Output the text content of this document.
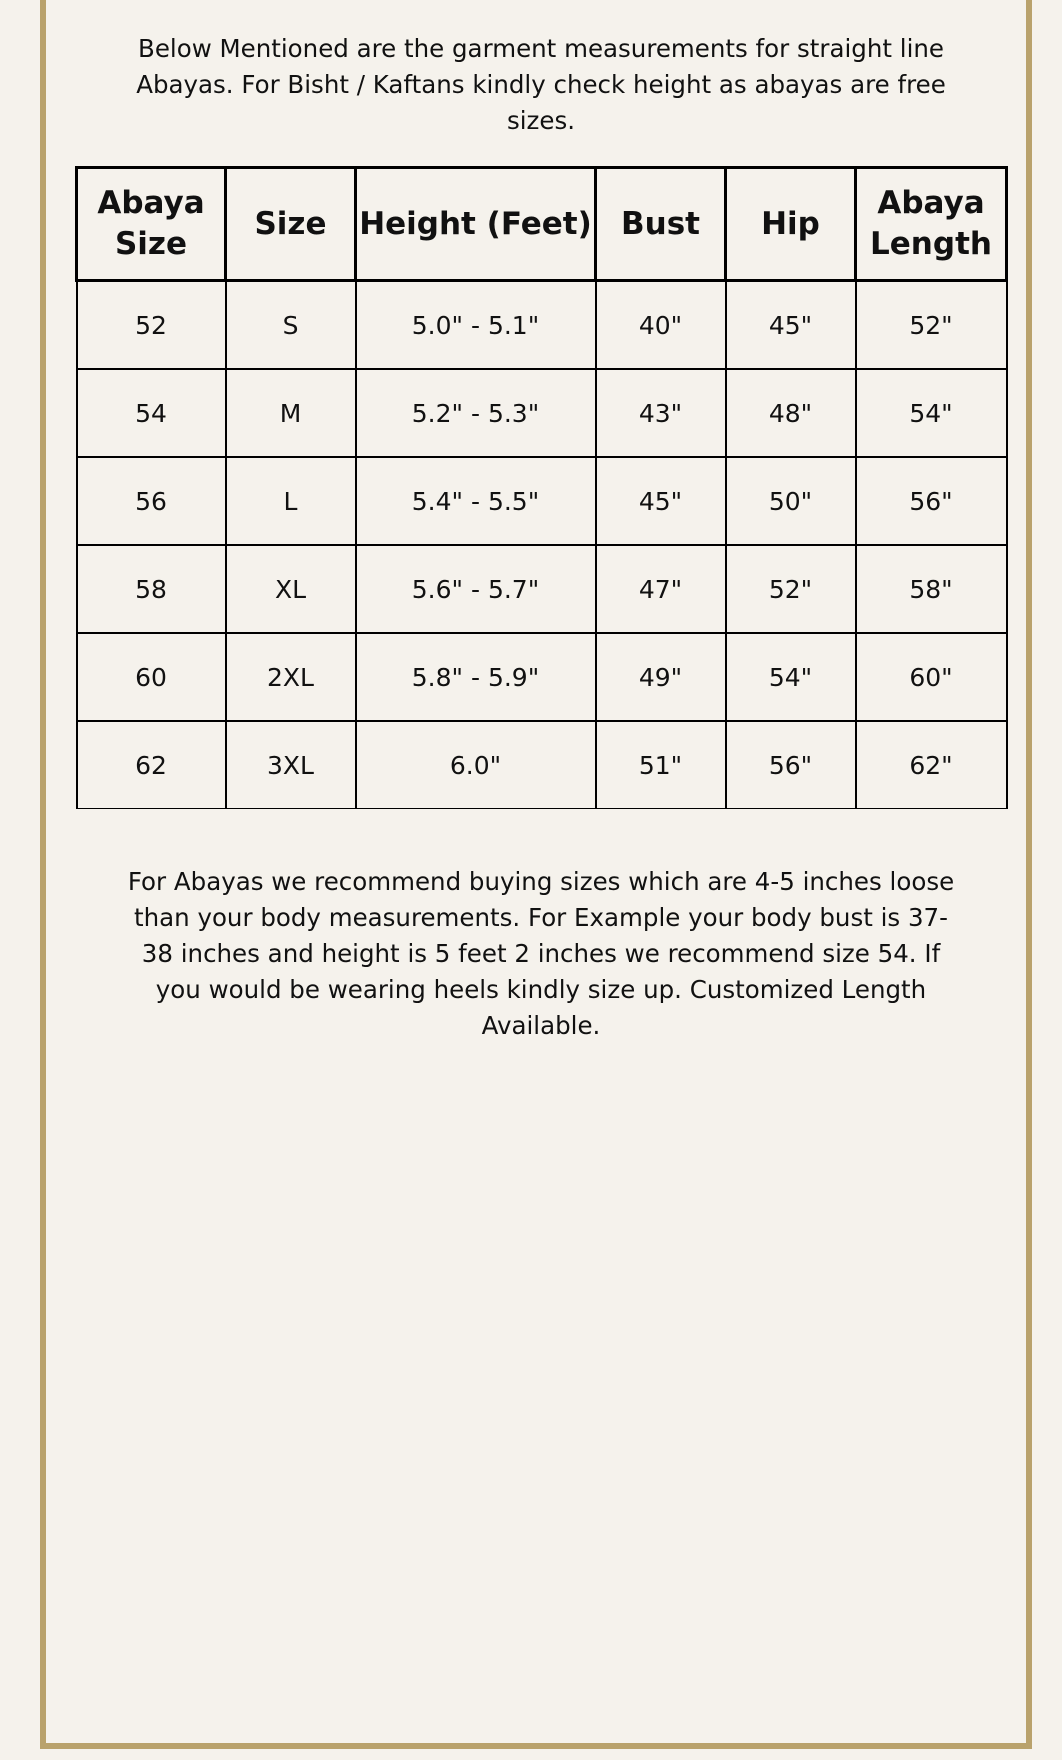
Below Mentioned are the garment measurements for straight line Abayas. For Bisht / Kaftans kindly check height as abayas are free sizes.

Abaya Size	Size	Height (Feet)	Bust	Hip	Abaya Length
52	S	5.0" - 5.1"	40"	45"	52"
54	M	5.2" - 5.3"	43"	48"	54"
56	L	5.4" - 5.5"	45"	50"	56"
58	XL	5.6" - 5.7"	47"	52"	58"
60	2XL	5.8" - 5.9"	49"	54"	60"
62	3XL	6.0"	51"	56"	62"

For Abayas we recommend buying sizes which are 4-5 inches loose than your body measurements. For Example your body bust is 37-38 inches and height is 5 feet 2 inches we recommend size 54. If you would be wearing heels kindly size up. Customized Length Available.
